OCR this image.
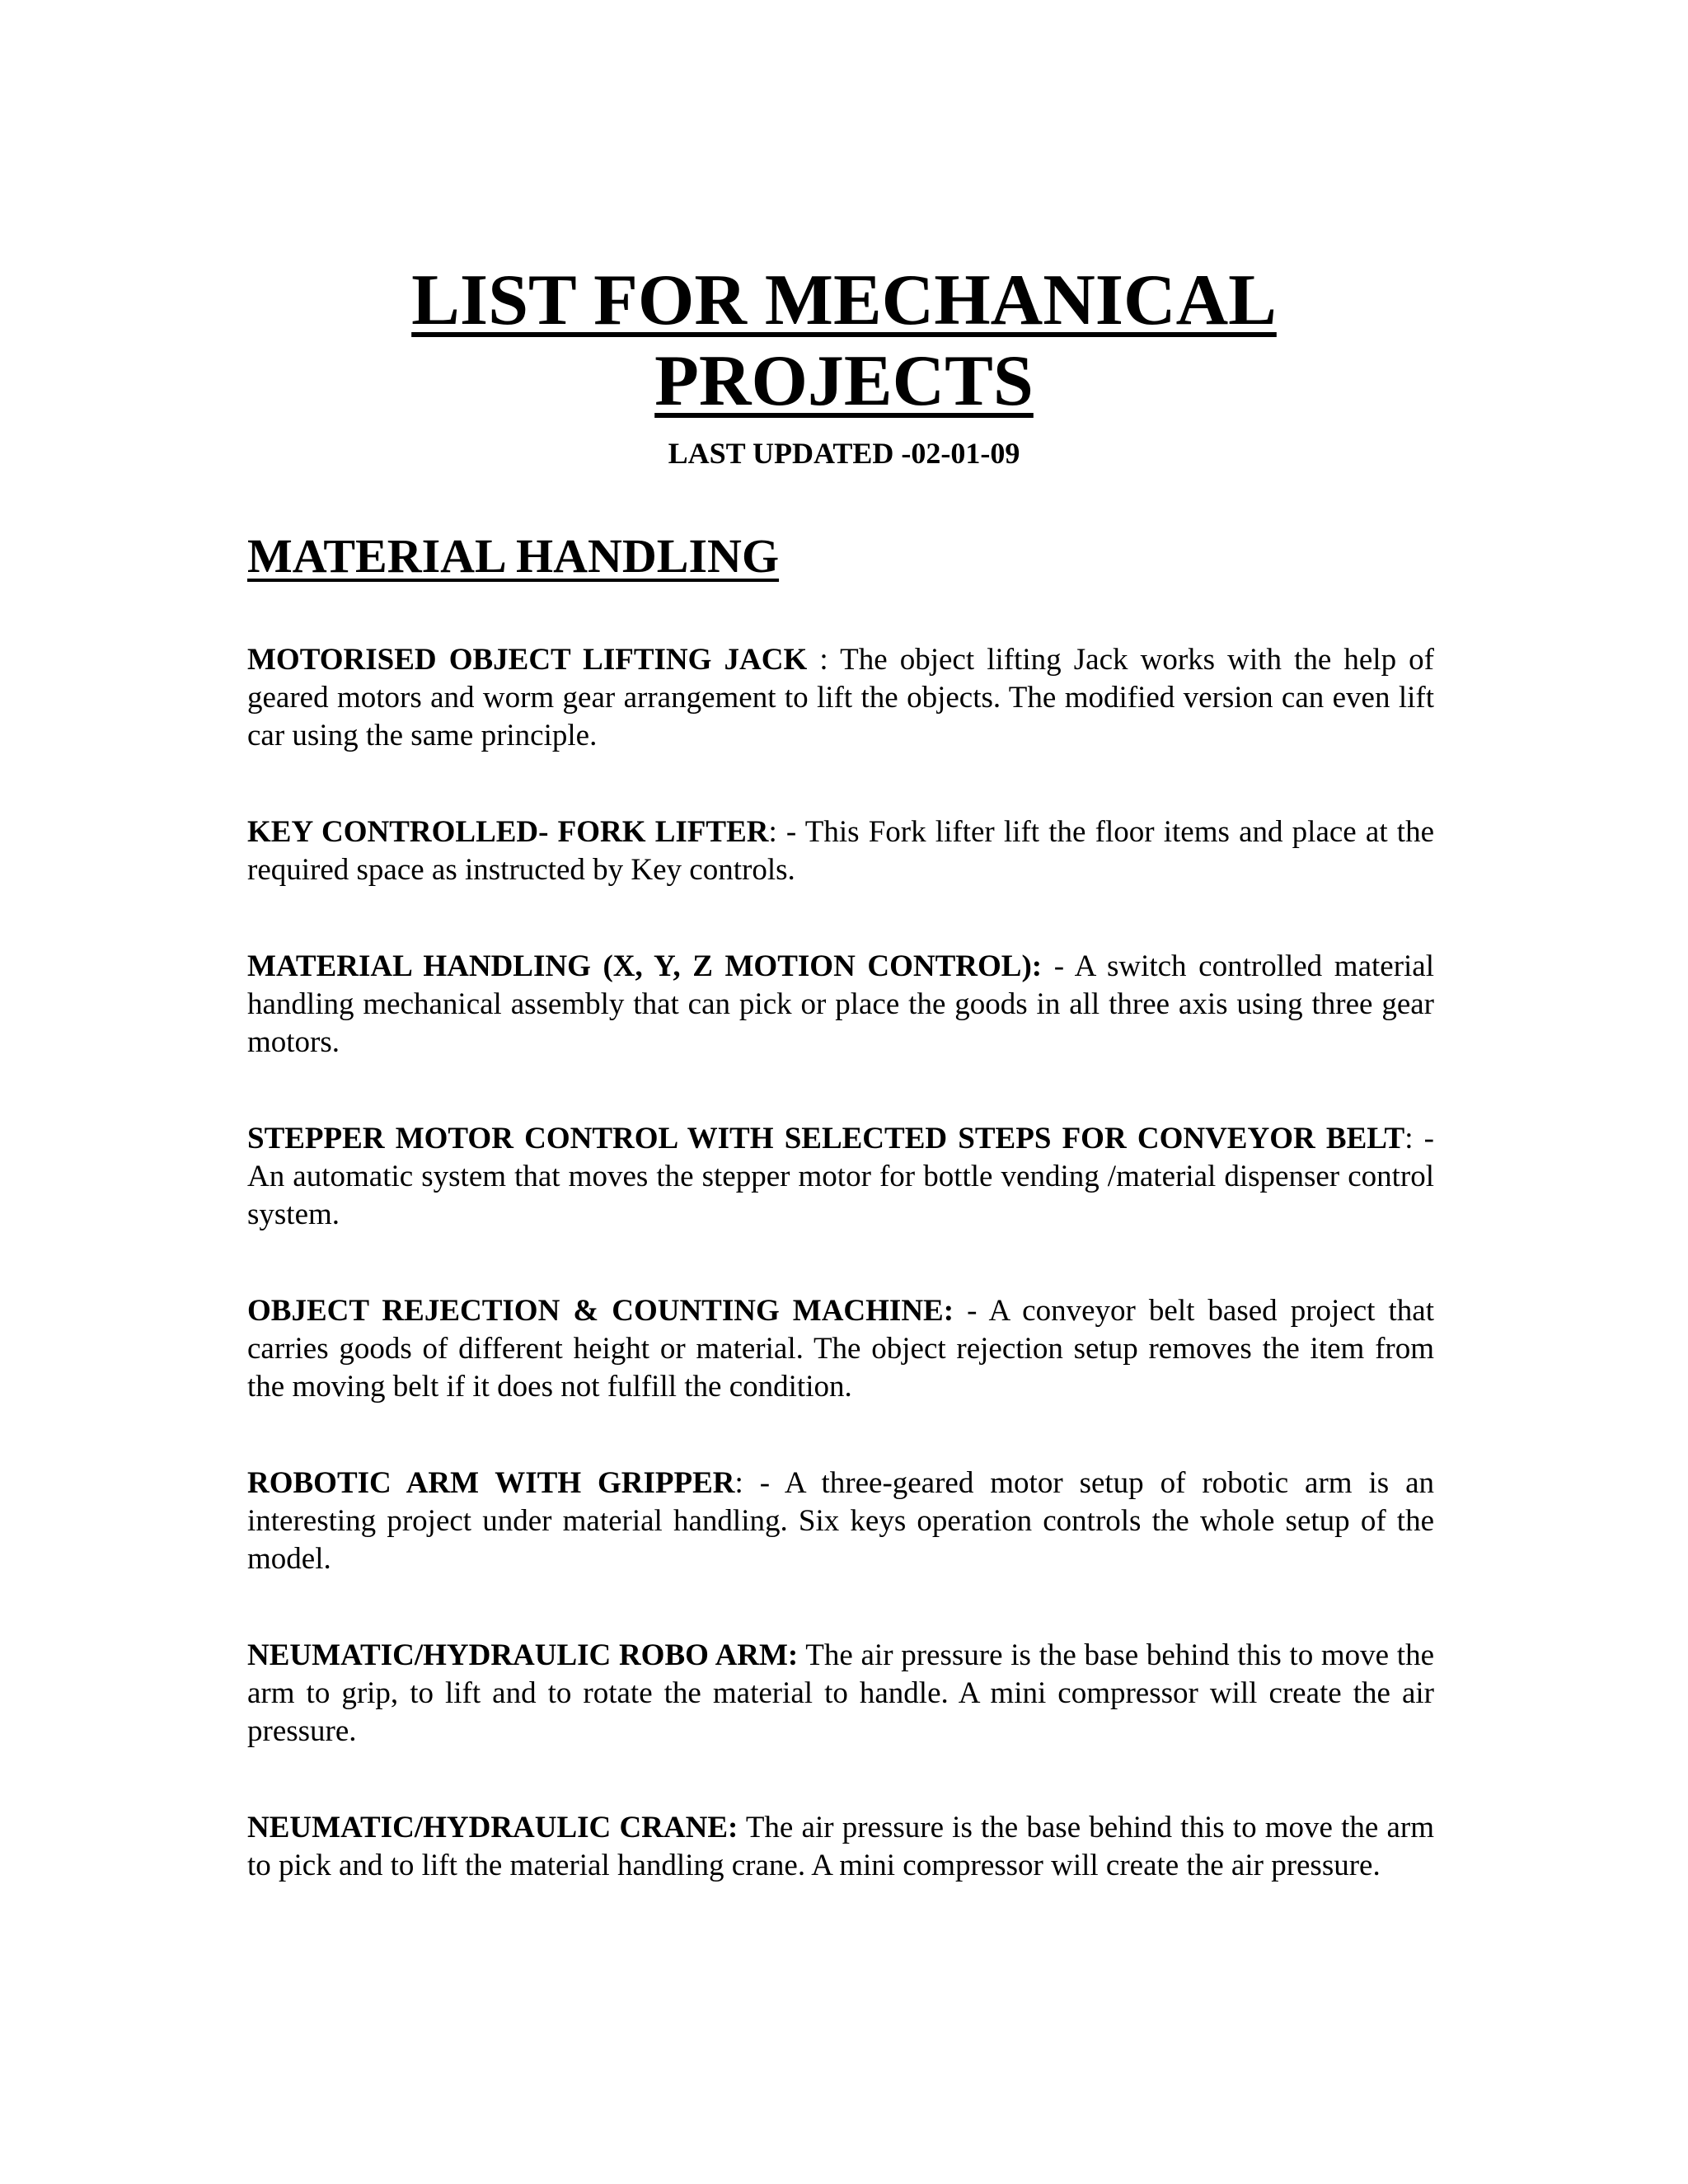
LIST FOR MECHANICAL
PROJECTS
LAST UPDATED -02-01-09
MATERIAL HANDLING

MOTORISED OBJECT LIFTING JACK : The object lifting Jack works with the help of geared motors and worm gear arrangement to lift the objects. The modified version can even lift car using the same principle.

KEY CONTROLLED- FORK LIFTER: - This Fork lifter lift the floor items and place at the required space as instructed by Key controls.

MATERIAL HANDLING (X, Y, Z MOTION CONTROL): - A switch controlled material handling mechanical assembly that can pick or place the goods in all three axis using three gear motors.

STEPPER MOTOR CONTROL WITH SELECTED STEPS FOR CONVEYOR BELT: -An automatic system that moves the stepper motor for bottle vending /material dispenser control system.

OBJECT REJECTION & COUNTING MACHINE: - A conveyor belt based project that carries goods of different height or material. The object rejection setup removes the item from the moving belt if it does not fulfill the condition.

ROBOTIC ARM WITH GRIPPER: - A three-geared motor setup of robotic arm is an interesting project under material handling. Six keys operation controls the whole setup of the model.

NEUMATIC/HYDRAULIC ROBO ARM: The air pressure is the base behind this to move the arm to grip, to lift and to rotate the material to handle. A mini compressor will create the air pressure.

NEUMATIC/HYDRAULIC CRANE: The air pressure is the base behind this to move the arm to pick and to lift the material handling crane. A mini compressor will create the air pressure.
